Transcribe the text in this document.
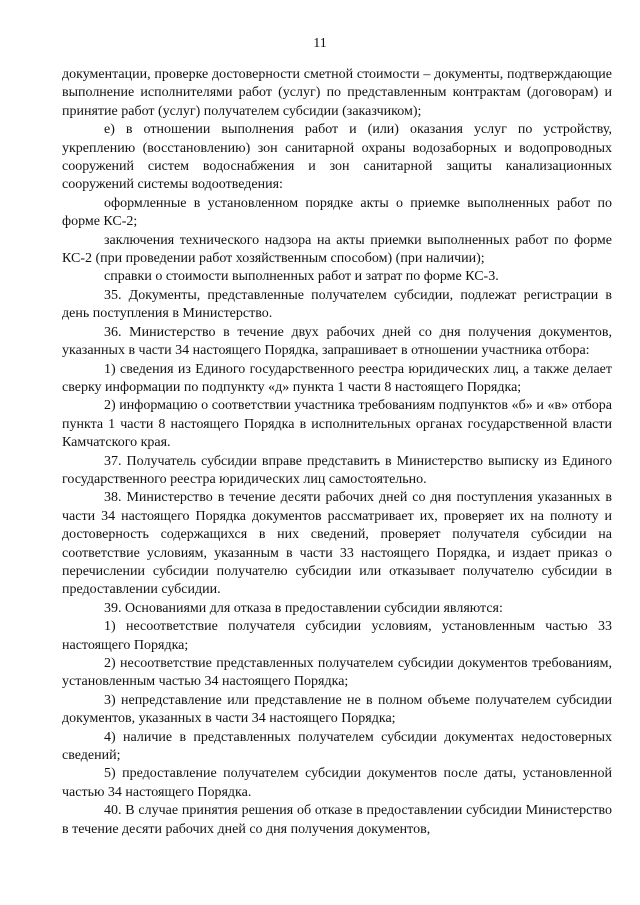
11

документации, проверке достоверности сметной стоимости – документы, подтверждающие выполнение исполнителями работ (услуг) по представленным контрактам (договорам) и принятие работ (услуг) получателем субсидии (заказчиком);

е) в отношении выполнения работ и (или) оказания услуг по устройству, укреплению (восстановлению) зон санитарной охраны водозаборных и водопроводных сооружений систем водоснабжения и зон санитарной защиты канализационных сооружений системы водоотведения:

оформленные в установленном порядке акты о приемке выполненных работ по форме КС-2;

заключения технического надзора на акты приемки выполненных работ по форме КС-2 (при проведении работ хозяйственным способом) (при наличии);

справки о стоимости выполненных работ и затрат по форме КС-3.

35. Документы, представленные получателем субсидии, подлежат регистрации в день поступления в Министерство.

36. Министерство в течение двух рабочих дней со дня получения документов, указанных в части 34 настоящего Порядка, запрашивает в отношении участника отбора:

1) сведения из Единого государственного реестра юридических лиц, а также делает сверку информации по подпункту «д» пункта 1 части 8 настоящего Порядка;

2) информацию о соответствии участника требованиям подпунктов «б» и «в» отбора пункта 1 части 8 настоящего Порядка в исполнительных органах государственной власти Камчатского края.

37. Получатель субсидии вправе представить в Министерство выписку из Единого государственного реестра юридических лиц самостоятельно.

38. Министерство в течение десяти рабочих дней со дня поступления указанных в части 34 настоящего Порядка документов рассматривает их, проверяет их на полноту и достоверность содержащихся в них сведений, проверяет получателя субсидии на соответствие условиям, указанным в части 33 настоящего Порядка, и издает приказ о перечислении субсидии получателю субсидии или отказывает получателю субсидии в предоставлении субсидии.

39. Основаниями для отказа в предоставлении субсидии являются:

1) несоответствие получателя субсидии условиям, установленным частью 33 настоящего Порядка;

2) несоответствие представленных получателем субсидии документов требованиям, установленным частью 34 настоящего Порядка;

3) непредставление или представление не в полном объеме получателем субсидии документов, указанных в части 34 настоящего Порядка;

4) наличие в представленных получателем субсидии документах недостоверных сведений;

5) предоставление получателем субсидии документов после даты, установленной частью 34 настоящего Порядка.

40. В случае принятия решения об отказе в предоставлении субсидии Министерство в течение десяти рабочих дней со дня получения документов,
